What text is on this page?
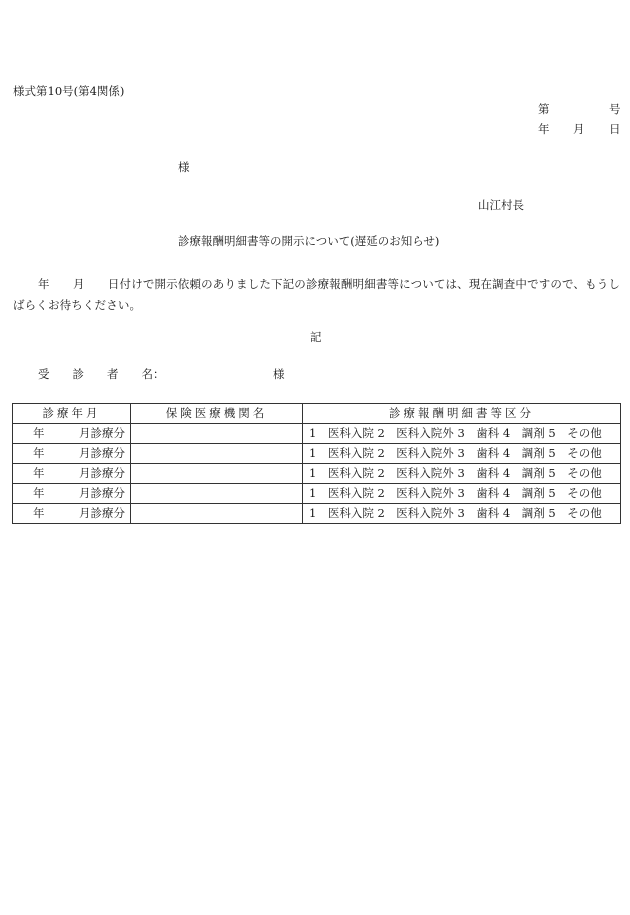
様式第10号(第4関係)
第	号
年 月 日
様
山江村長
診療報酬明細書等の開示について(遅延のお知らせ)
年　　月　　日付けで開示依頼のありました下記の診療報酬明細書等については、現在調査中ですので、もうしばらくお待ちください。
記
受　　診　　者　　名：	様
診療年月	保険医療機関名	診療報酬明細書等区分

年 月診療分		1　医科入院 2　医科入院外 3　歯科 4　調剤 5　その他

年 月診療分		1　医科入院 2　医科入院外 3　歯科 4　調剤 5　その他

年 月診療分		1　医科入院 2　医科入院外 3　歯科 4　調剤 5　その他

年 月診療分		1　医科入院 2　医科入院外 3　歯科 4　調剤 5　その他

年 月診療分		1　医科入院 2　医科入院外 3　歯科 4　調剤 5　その他
